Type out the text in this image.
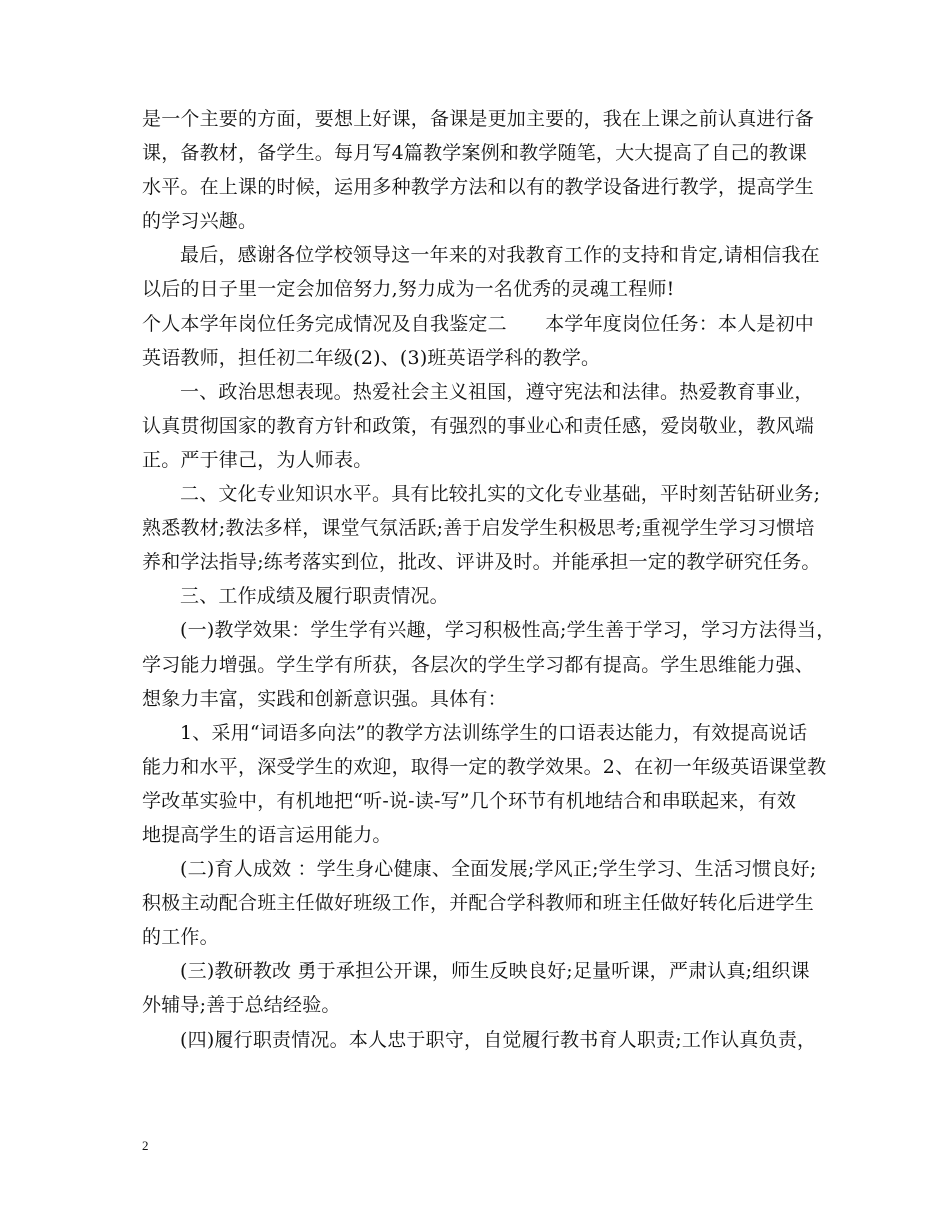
是一个主要的方面，要想上好课，备课是更加主要的，我在上课之前认真进行备
课，备教材，备学生。每月写4篇教学案例和教学随笔，大大提高了自己的教课
水平。在上课的时候，运用多种教学方法和以有的教学设备进行教学，提高学生
的学习兴趣。
最后，感谢各位学校领导这一年来的对我教育工作的支持和肯定,请相信我在
以后的日子里一定会加倍努力,努力成为一名优秀的灵魂工程师!
个人本学年岗位任务完成情况及自我鉴定二　　本学年度岗位任务：本人是初中
英语教师，担任初二年级(2)、(3)班英语学科的教学。
一、政治思想表现。热爱社会主义祖国，遵守宪法和法律。热爱教育事业，
认真贯彻国家的教育方针和政策，有强烈的事业心和责任感，爱岗敬业，教风端
正。严于律己，为人师表。
二、文化专业知识水平。具有比较扎实的文化专业基础，平时刻苦钻研业务;
熟悉教材;教法多样，课堂气氛活跃;善于启发学生积极思考;重视学生学习习惯培
养和学法指导;练考落实到位，批改、评讲及时。并能承担一定的教学研究任务。
三、工作成绩及履行职责情况。
(一)教学效果：学生学有兴趣，学习积极性高;学生善于学习，学习方法得当，
学习能力增强。学生学有所获，各层次的学生学习都有提高。学生思维能力强、
想象力丰富，实践和创新意识强。具体有：
1、采用“词语多向法”的教学方法训练学生的口语表达能力，有效提高说话
能力和水平，深受学生的欢迎，取得一定的教学效果。2、在初一年级英语课堂教
学改革实验中，有机地把“听-说-读-写”几个环节有机地结合和串联起来，有效
地提高学生的语言运用能力。
(二)育人成效 ：学生身心健康、全面发展;学风正;学生学习、生活习惯良好;
积极主动配合班主任做好班级工作，并配合学科教师和班主任做好转化后进学生
的工作。
(三)教研教改 勇于承担公开课，师生反映良好;足量听课，严肃认真;组织课
外辅导;善于总结经验。
(四)履行职责情况。本人忠于职守，自觉履行教书育人职责;工作认真负责，
2
